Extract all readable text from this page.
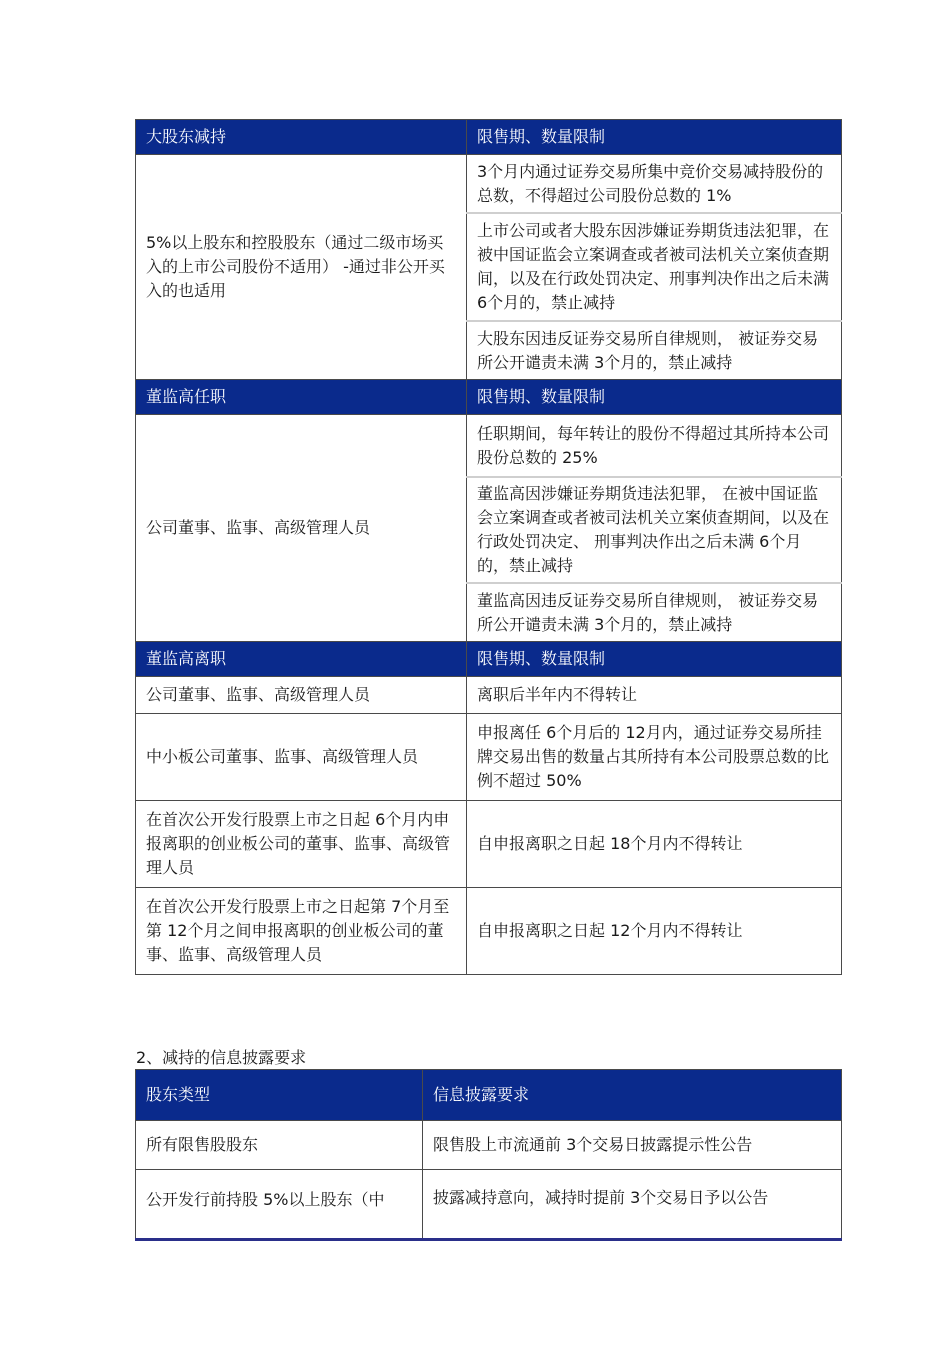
大股东减持	限售期、数量限制
5%以上股东和控股股东（通过二级市场买入的上市公司股份不适用） -通过非公开买入的也适用	3个月内通过证券交易所集中竞价交易减持股份的总数，不得超过公司股份总数的 1%
	上市公司或者大股东因涉嫌证券期货违法犯罪，在被中国证监会立案调查或者被司法机关立案侦查期间，以及在行政处罚决定、刑事判决作出之后未满 6个月的，禁止减持
	大股东因违反证券交易所自律规则， 被证券交易所公开谴责未满 3个月的，禁止减持
董监高任职	限售期、数量限制
公司董事、监事、高级管理人员	任职期间，每年转让的股份不得超过其所持本公司股份总数的 25%
	董监高因涉嫌证券期货违法犯罪， 在被中国证监会立案调查或者被司法机关立案侦查期间，以及在行政处罚决定、 刑事判决作出之后未满 6个月的，禁止减持
	董监高因违反证券交易所自律规则， 被证券交易所公开谴责未满 3个月的，禁止减持
董监高离职	限售期、数量限制
公司董事、监事、高级管理人员	离职后半年内不得转让
中小板公司董事、监事、高级管理人员	申报离任 6个月后的 12月内，通过证券交易所挂牌交易出售的数量占其所持有本公司股票总数的比例不超过 50%
在首次公开发行股票上市之日起 6个月内申报离职的创业板公司的董事、监事、高级管理人员	自申报离职之日起 18个月内不得转让
在首次公开发行股票上市之日起第 7个月至第 12个月之间申报离职的创业板公司的董事、监事、高级管理人员	自申报离职之日起 12个月内不得转让
2、减持的信息披露要求
股东类型	信息披露要求
所有限售股股东	限售股上市流通前 3个交易日披露提示性公告
公开发行前持股 5%以上股东（中	披露减持意向，减持时提前 3个交易日予以公告
